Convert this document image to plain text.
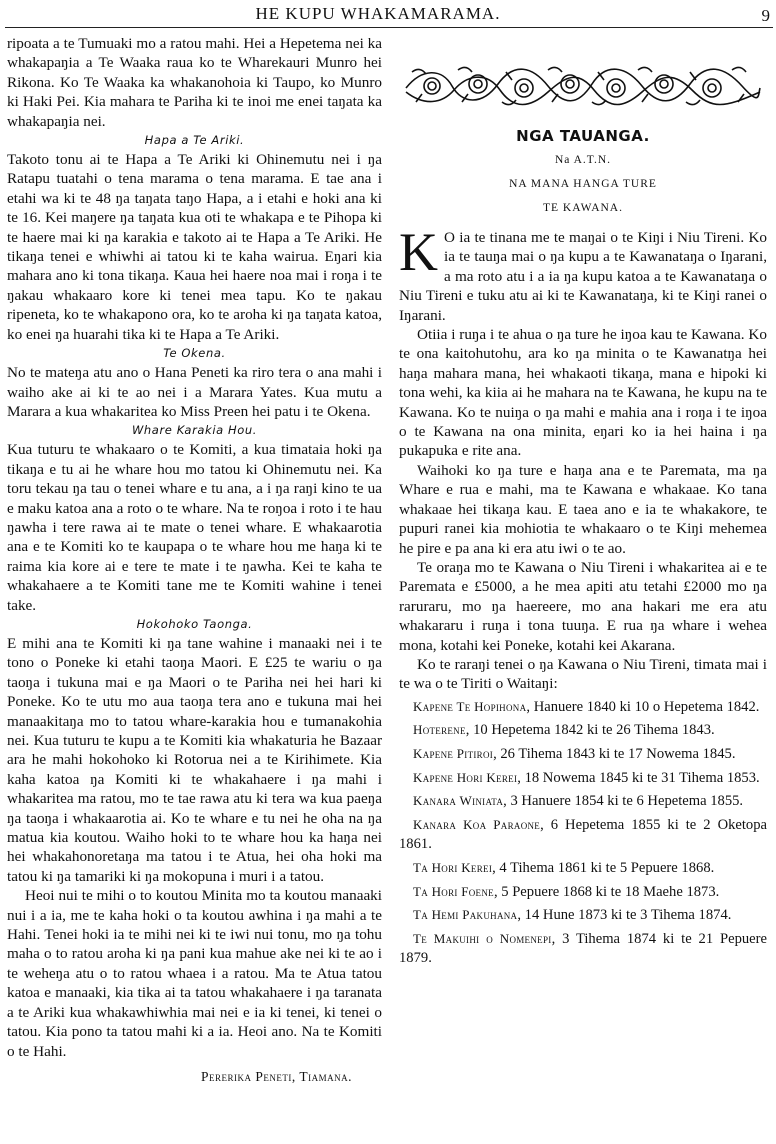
HE KUPU WHAKAMARAMA.	9

ripoata a te Tumuaki mo a ratou mahi. Hei a Hepetema nei ka whakapaŋia a Te Waaka raua ko te Wharekauri Munro hei Rikona. Ko Te Waaka ka whakanohoia ki Taupo, ko Munro ki Haki Pei. Kia mahara te Pariha ki te inoi me enei taŋata ka whakapaŋia nei.

Hapa a Te Ariki.

Takoto tonu ai te Hapa a Te Ariki ki Ohinemutu nei i ŋa Ratapu tuatahi o tena marama o tena marama. E tae ana i etahi wa ki te 48 ŋa taŋata taŋo Hapa, a i etahi e hoki ana ki te 16. Kei maŋere ŋa taŋata kua oti te whakapa e te Pihopa ki te haere mai ki ŋa karakia e takoto ai te Hapa a Te Ariki. He tikaŋa tenei e whiwhi ai tatou ki te kaha wairua. Eŋari kia mahara ano ki tona tikaŋa. Kaua hei haere noa mai i roŋa i te ŋakau whakaaro kore ki tenei mea tapu. Ko te ŋakau ripeneta, ko te whakapono ora, ko te aroha ki ŋa taŋata katoa, ko enei ŋa huarahi tika ki te Hapa a Te Ariki.

Te Okena.

No te mateŋa atu ano o Hana Peneti ka riro tera o ana mahi i waiho ake ai ki te ao nei i a Marara Yates. Kua mutu a Marara a kua whakaritea ko Miss Preen hei patu i te Okena.

Whare Karakia Hou.

Kua tuturu te whakaaro o te Komiti, a kua timataia hoki ŋa tikaŋa e tu ai he whare hou mo tatou ki Ohinemutu nei. Ka toru tekau ŋa tau o tenei whare e tu ana, a i ŋa raŋi kino te ua e maku katoa ana a roto o te whare. Na te roŋoa i roto i te hau ŋawha i tere rawa ai te mate o tenei whare. E whakaarotia ana e te Komiti ko te kaupapa o te whare hou me haŋa ki te raima kia kore ai e tere te mate i te ŋawha. Kei te kaha te whakahaere a te Komiti tane me te Komiti wahine i tenei take.

Hokohoko Taonga.

E mihi ana te Komiti ki ŋa tane wahine i manaaki nei i te tono o Poneke ki etahi taoŋa Maori. E £25 te wariu o ŋa taoŋa i tukuna mai e ŋa Maori o te Pariha nei hei hari ki Poneke. Ko te utu mo aua taoŋa tera ano e tukuna mai hei manaakitaŋa mo to tatou whare-karakia hou e tumanakohia nei. Kua tuturu te kupu a te Komiti kia whakaturia he Bazaar ara he mahi hokohoko ki Rotorua nei a te Kirihimete. Kia kaha katoa ŋa Komiti ki te whakahaere i ŋa mahi i whakaritea ma ratou, mo te tae rawa atu ki tera wa kua paeŋa ŋa taoŋa i whakaarotia ai. Ko te whare e tu nei he oha na ŋa matua kia koutou. Waiho hoki to te whare hou ka haŋa nei hei whakahonoretaŋa ma tatou i te Atua, hei oha hoki ma tatou ki ŋa tamariki ki ŋa mokopuna i muri i a tatou.

Heoi nui te mihi o to koutou Minita mo ta koutou manaaki nui i a ia, me te kaha hoki o ta koutou awhina i ŋa mahi a te Hahi. Tenei hoki ia te mihi nei ki te iwi nui tonu, mo ŋa tohu maha o to ratou aroha ki ŋa pani kua mahue ake nei ki te ao i te weheŋa atu o to ratou whaea i a ratou. Ma te Atua tatou katoa e manaaki, kia tika ai ta tatou whakahaere i ŋa taranata a te Ariki kua whakawhiwhia mai nei e ia ki tenei, ki tenei o tatou. Kia pono ta tatou mahi ki a ia. Heoi ano. Na te Komiti o te Hahi.

Pererika Peneti, Tiamana.

NGA TAUANGA.

Na A.T.N.

NA MANA HANGA TURE

TE KAWANA.

K O ia te tinana me te maŋai o te Kiŋi i Niu Tireni. Ko ia te tauŋa mai o ŋa kupu a te Kawanataŋa o Iŋarani, a ma roto atu i a ia ŋa kupu katoa a te Kawanataŋa o Niu Tireni e tuku atu ai ki te Kawanataŋa, ki te Kiŋi ranei o Iŋarani.

Otiia i ruŋa i te ahua o ŋa ture he iŋoa kau te Kawana. Ko te ona kaitohutohu, ara ko ŋa minita o te Kawanatŋa hei haŋa mahara mana, hei whakaoti tikaŋa, mana e hipoki ki tona wehi, ka kiia ai he mahara na te Kawana, he kupu na te Kawana. Ko te nuiŋa o ŋa mahi e mahia ana i roŋa i te iŋoa o te Kawana na ona minita, eŋari ko ia hei haina i ŋa pukapuka e rite ana.

Waihoki ko ŋa ture e haŋa ana e te Paremata, ma ŋa Whare e rua e mahi, ma te Kawana e whakaae. Ko tana whakaae hei tikaŋa kau. E taea ano e ia te whakakore, te pupuri ranei kia mohiotia te whakaaro o te Kiŋi mehemea he pire e pa ana ki era atu iwi o te ao.

Te oraŋa mo te Kawana o Niu Tireni i whakaritea ai e te Paremata e £5000, a he mea apiti atu tetahi £2000 mo ŋa raruraru, mo ŋa haereere, mo ana hakari me era atu whakararu i ruŋa i tona tuuŋa. E rua ŋa whare i wehea mona, kotahi kei Poneke, kotahi kei Akarana.

Ko te raraŋi tenei o ŋa Kawana o Niu Tireni, timata mai i te wa o te Tiriti o Waitaŋi:

Kapene Te Hopihona, Hanuere 1840 ki 10 o Hepetema 1842.

Hoterene, 10 Hepetema 1842 ki te 26 Tihema 1843.

Kapene Pitiroi, 26 Tihema 1843 ki te 17 Nowema 1845.

Kapene Hori Kerei, 18 Nowema 1845 ki te 31 Tihema 1853.

Kanara Winiata, 3 Hanuere 1854 ki te 6 Hepetema 1855.

Kanara Koa Paraone, 6 Hepetema 1855 ki te 2 Oketopa 1861.

Ta Hori Kerei, 4 Tihema 1861 ki te 5 Pepuere 1868.

Ta Hori Foene, 5 Pepuere 1868 ki te 18 Maehe 1873.

Ta Hemi Pakuhana, 14 Hune 1873 ki te 3 Tihema 1874.

Te Makuihi o Nomenepi, 3 Tihema 1874 ki te 21 Pepuere 1879.
